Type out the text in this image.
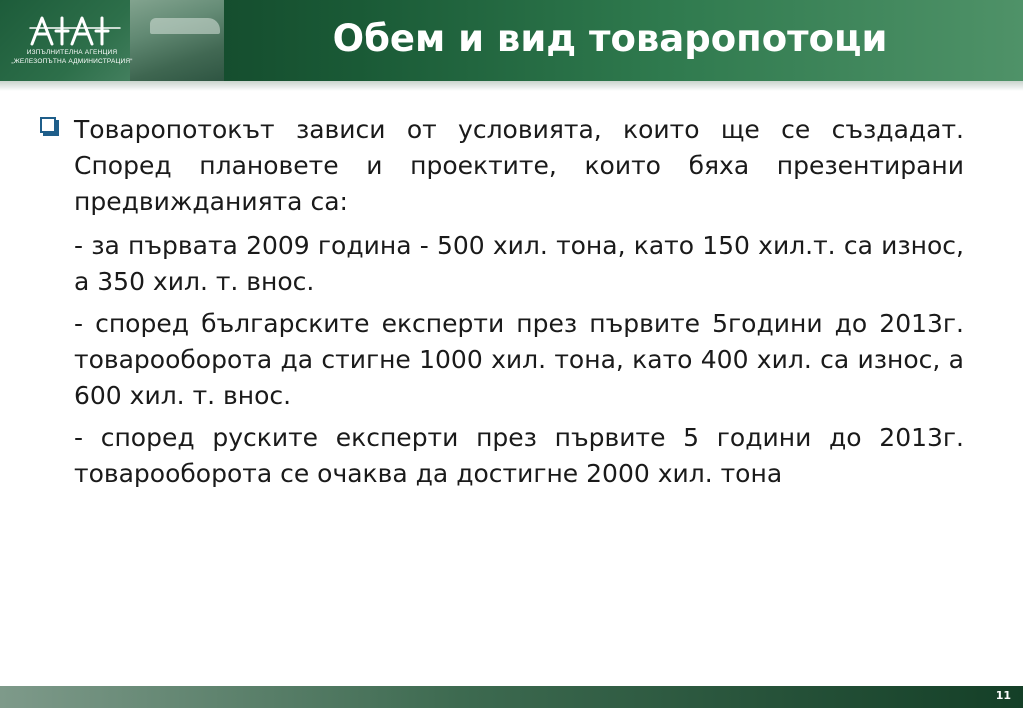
ИЗПЪЛНИТЕЛНА АГЕНЦИЯ
„ЖЕЛЕЗОПЪТНА АДМИНИСТРАЦИЯ“
Обем и вид товаропотоци
Товаропотокът зависи от условията, които ще се създадат. Според плановете и проектите, които бяха презентирани предвижданията са:
- за първата 2009 година - 500 хил. тона, като 150 хил.т. са износ, а 350 хил. т. внос.
- според българските експерти през първите 5години до 2013г. товарооборота да стигне 1000 хил. тона, като 400 хил. са износ, а 600 хил. т. внос.
- според руските експерти през първите 5 години до 2013г. товарооборота се очаква да достигне 2000 хил. тона
11
